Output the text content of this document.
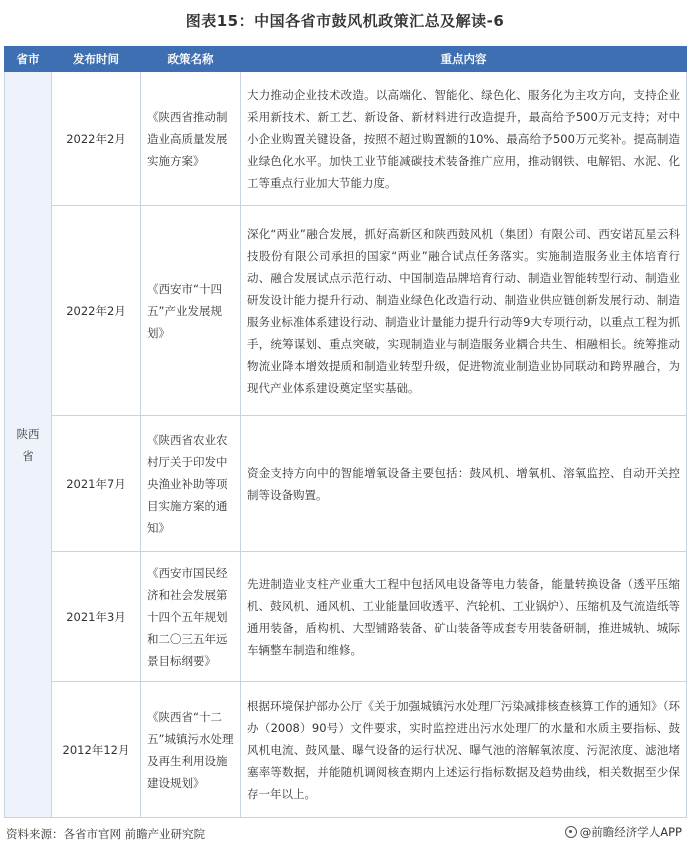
图表15：中国各省市鼓风机政策汇总及解读-6
省市	发布时间	政策名称	重点内容
陕西省	2022年2月	《陕西省推动制造业高质量发展实施方案》	大力推动企业技术改造。以高端化、智能化、绿色化、服务化为主攻方向，支持企业采用新技术、新工艺、新设备、新材料进行改造提升，最高给予500万元支持；对中小企业购置关键设备，按照不超过购置额的10%、最高给予500万元奖补。提高制造业绿色化水平。加快工业节能减碳技术装备推广应用，推动钢铁、电解铝、水泥、化工等重点行业加大节能力度。
	2022年2月	《西安市“十四五”产业发展规划》	深化“两业”融合发展，抓好高新区和陕西鼓风机（集团）有限公司、西安诺瓦星云科技股份有限公司承担的国家“两业”融合试点任务落实。实施制造服务业主体培育行动、融合发展试点示范行动、中国制造品牌培育行动、制造业智能转型行动、制造业研发设计能力提升行动、制造业绿色化改造行动、制造业供应链创新发展行动、制造服务业标准体系建设行动、制造业计量能力提升行动等9大专项行动，以重点工程为抓手，统筹谋划、重点突破，实现制造业与制造服务业耦合共生、相融相长。统筹推动物流业降本增效提质和制造业转型升级，促进物流业制造业协同联动和跨界融合，为现代产业体系建设奠定坚实基础。
	2021年7月	《陕西省农业农村厅关于印发中央渔业补助等项目实施方案的通知》	资金支持方向中的智能增氧设备主要包括：鼓风机、增氧机、溶氧监控、自动开关控制等设备购置。
	2021年3月	《西安市国民经济和社会发展第十四个五年规划和二〇三五年远景目标纲要》	先进制造业支柱产业重大工程中包括风电设备等电力装备，能量转换设备（透平压缩机、鼓风机、通风机、工业能量回收透平、汽轮机、工业锅炉）、压缩机及气流造纸等通用装备，盾构机、大型铺路装备、矿山装备等成套专用装备研制，推进城轨、城际车辆整车制造和维修。
	2012年12月	《陕西省“十二五”城镇污水处理及再生利用设施建设规划》	根据环境保护部办公厅《关于加强城镇污水处理厂污染减排核查核算工作的通知》（环办（2008）90号）文件要求，实时监控进出污水处理厂的水量和水质主要指标、鼓风机电流、鼓风量、曝气设备的运行状况、曝气池的溶解氧浓度、污泥浓度、滤池堵塞率等数据，并能随机调阅核查期内上述运行指标数据及趋势曲线，相关数据至少保存一年以上。
资料来源：各省市官网 前瞻产业研究院	@前瞻经济学人APP
